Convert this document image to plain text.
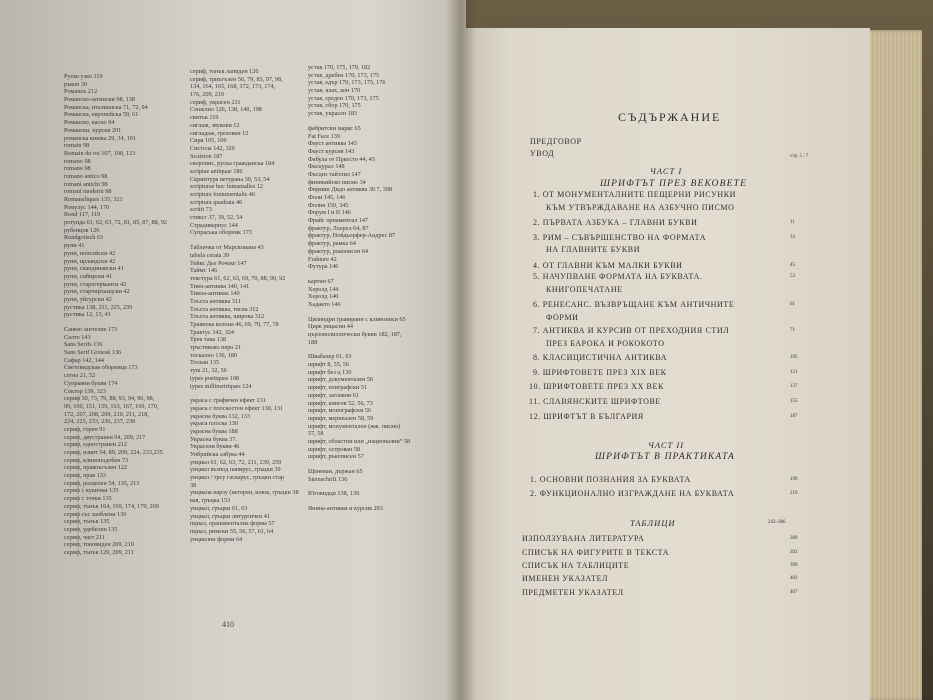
Руско узко 119
ръкоп 30
Рoмaнcк 212
Романско-латински 98, 138
Романска, италианска 71, 72, 94
Романска, европейска 59, 61
Романско, касно 94
Романски, курсив 201
романска книжа 29, 34, 101
romain 98
Romain du roi 107, 108, 123
romano 98
romano 98
romano antico 98
romani antichi 98
romani moderni 98
Romaneliques 135, 321
Ромулус 144, 170
Rond 117, 119
ротунда 61, 62, 63, 72, 81, 85, 87, 88, 92
рубенцов 126
Rundgotisch 63
руни 41
руни, нонсейски 42
руни, ирландски 42
руни, скандинавски 41
руни, сибирски 41
руни, старогерманси 42
руни, староирландски 42
руни, уйгурски 42
рустика 138, 211, 225, 239
рустика 12, 13, 41
Санкю зантелие 173
Салто 143
Sans Serifs 136
Sans Serif Grotesk 136
Сафар 142, 144
Световидская оборница 173
сегна 21, 52
Суправни букви 174
Сектор 139, 323
сериф 50, 73, 79, 88, 93, 94, 96, 98,
99, 100, 151, 159, 163, 167, 169, 170,
172, 207, 208, 209, 210, 211, 218,
224, 225, 233, 236, 237, 238
сериф, горен 91
сериф, двустранен 94, 209, 217
сериф, едностранен 212
сериф, извит 54, 89, 209, 224, 233,235
сериф, клиноподобен 73
сериф, правоъгълен 122
сериф, прав 133
сериф, разцепен 54, 135, 213
сериф с кукички 135
сериф с точки 135
сериф, тънък 164, 169, 174, 179, 209
сериф със заоблени 136
сериф, тънък 135
сериф, удебелен 135
сериф, част 211
сериф, тоновиден 209, 210
сериф, тънък 129, 209, 211
сериф, тънък лапиден 126
сериф, триъгълен 56, 79, 83, 97, 98,
134, 164, 165, 168, 172, 173, 174,
176, 209, 210
сериф, украсен 211
Сешелио 126, 138, 140, 198
свитък 119
сиглаж, звукови 12
сигладаж, греховен 12
Сиря 105, 106
Систола 142, 326
Scoleton 187
скоропис, руска гражданска 184
scriptae antiquae 186
Скриптура ветурана 50, 53, 54
scripturae hoc fumamalles 12
scriptura fontumentalis 46
scriptura quadrata 46
scritti 73
стиксг 37, 39, 52, 54
Страдивариус 144
Супраська оборник 173
Табличка от Марсилиана 43
tabula cerata 39
Тейкс Дье Рочеке 147
Таймс 146
текстура 61, 62, 63, 69, 70, 88, 90, 92
Тимз-антиква 140, 141
Тимза-антиква 140
Тлъста антиква 311
Тлъста антиква, тясна 312
Тлъста антиква, широка 312
Траянова колона 46, 69, 70, 77, 78
Трактус 142, 324
Трек така 138
тръстиково перо 21
тоскално 136, 180
Тоскан 135
туш 21, 32, 56
types poetiques 108
types millimetriques 124
украса с графичен ефект 131
украса с плоскостен ефект 130, 131
украсна буква 132, 133
украса плоска 130
украсна буква 188
Украсна буква 37.
Украсени букви 46
Унбрийска азбука 44
унциал 61, 62, 63, 72, 211, 239, 259
унциал възпод папирус, гръцки 39
унциал / трсу гаскарус, гръцки стар
38
унциала нарзу (негорен, илюк, гръцки 38
вая, гръцка 153
унциал, гръцки 61, 63
унциал, гръцки литургичен 41
пциал, оранаментална форма 57
пциал, римски 55, 56, 57, 61, 64
унциални форми 64
устав 170, 175, 179, 182
устав, дребен 170, 173, 175
устав, едър 170, 173, 175, 176
устав, ялах, кон 170
устав, среден 170, 173, 175
устав, сбор 170, 175
устав, украсен 183
фабритски маркс 65
Fat Face 139
Фауст антиква 143
Фауст курсив 143
Фабула от Пркесто 44, 45
Фасцурал 148
Фасциз тайтлил 147
финикийско писмо 34
Фирмин Дидо антиква 30 7, 308
Фоли 145, 146
Фолия 150, 345
Форум I и II 146
Фрайс орнаментал 147
фрактур, Лоерел 64, 87
фрактур, Нойдьорфер-Андрес 87
фрактур, рамка 64
фрактур, ръкописен 64
Frakture 42
Футура 146
картин 67
Херолд 144
Херолд 140
Хадакто 146
Цилиндри гравирани с клинописи 65
Цирк рицасни 44
цързоволиллически букви 182, 187,
188
Швабахер 61, 63
шрифт 8, 55, 56
шрифт без ц 130
шрифт, документален 56
шрифт, епиграфски 51
шрифт, заглавни 61
шрифт, книгов 52, 56, 73
шрифт, монографски 56
шрифт, мернеален 58, 59
шрифт, монументален (жж. писмо)
57, 58
шрифт, областни или „национални“ 58
шрифт, острован 58
шрифт, ръкописен 57
Щеневан, държан 65
Steinschrift 136
Юговидци 138, 139
Янина-антиква и курсив 293
410
СЪДЪРЖАНИЕ
ПРЕДГОВОР
УВОД	стр. 5 / 7
ЧАСТ I
ШРИФТЪТ ПРЕЗ ВЕКОВЕТЕ
1. ОТ МОНУМЕНТАЛНИТЕ ПЕЩЕРНИ РИСУНКИ
КЪМ УТВЪРЖДАВАНЕ НА АЗБУЧНО ПИСМО
2. ПЪРВАТА АЗБУКА – ГЛАВНИ БУКВИ	11
3. РИМ – СЪВЪРШЕНСТВО НА ФОРМАТА	33
НА ГЛАВНИТЕ БУКВИ
4. ОТ ГЛАВНИ КЪМ МАЛКИ БУКВИ	45
5. НАЧУПВАНЕ ФОРМАТА НА БУКВАТА.	53
КНИГОПЕЧАТАНЕ
6. РЕНЕСАНС. ВЪЗВРЪЩАНЕ КЪМ АНТИЧНИТЕ	61
ФОРМИ
7. АНТИКВА И КУРСИВ ОТ ПРЕХОДНИЯ СТИЛ	71
ПРЕЗ БАРОКА И РОКОКОТО
8. КЛАСИЦИСТИЧНА АНТИКВА	105
9. ШРИФТОВЕТЕ ПРЕЗ XIX ВЕК	121
10. ШРИФТОВЕТЕ ПРЕЗ XX ВЕК	137
11. СЛАВЯНСКИТЕ ШРИФТОВЕ	155
12. ШРИФТЪТ В БЪЛГАРИЯ	187
ЧАСТ II
ШРИФТЪТ В ПРАКТИКАТА
1. ОСНОВНИ ПОЗНАНИЯ ЗА БУКВАТА	199
2. ФУНКЦИОНАЛНО ИЗГРАЖДАНЕ НА БУКВАТА	219
ТАБЛИЦИ	243–386
ИЗПОЛЗУВАНА ЛИТЕРАТУРА	389
СПИСЪК НА ФИГУРИТЕ В ТЕКСТА	392
СПИСЪК НА ТАБЛИЦИТЕ	399
ИМЕНЕН УКАЗАТЕЛ	403
ПРЕДМЕТЕН УКАЗАТЕЛ	407
